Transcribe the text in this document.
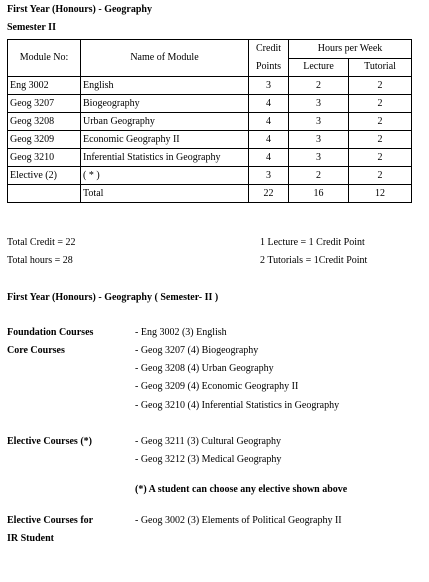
First Year (Honours) - Geography
Semester II
Module No:	Name of Module	Credit Points	Hours per Week	
			Lecture	Tutorial
Eng 3002	English	3	2	2
Geog 3207	Biogeography	4	3	2
Geog 3208	Urban Geography	4	3	2
Geog 3209	Economic Geography II	4	3	2
Geog 3210	Inferential Statistics in Geography	4	3	2
Elective (2)	( * )	3	2	2
	Total	22	16	12
Total Credit = 22
Total hours = 28
1 Lecture = 1 Credit Point
2 Tutorials = 1Credit Point
First Year (Honours) - Geography ( Semester- II )
Foundation Courses	- Eng 3002 (3) English
Core Courses	- Geog 3207 (4) Biogeography
- Geog 3208 (4) Urban Geography
- Geog 3209 (4) Economic Geography II
- Geog 3210 (4) Inferential Statistics in Geography
Elective Courses (*)	- Geog 3211 (3) Cultural Geography
- Geog 3212 (3) Medical Geography
(*) A student can choose any elective shown above
Elective Courses for
IR Student
- Geog 3002 (3) Elements of Political Geography II
